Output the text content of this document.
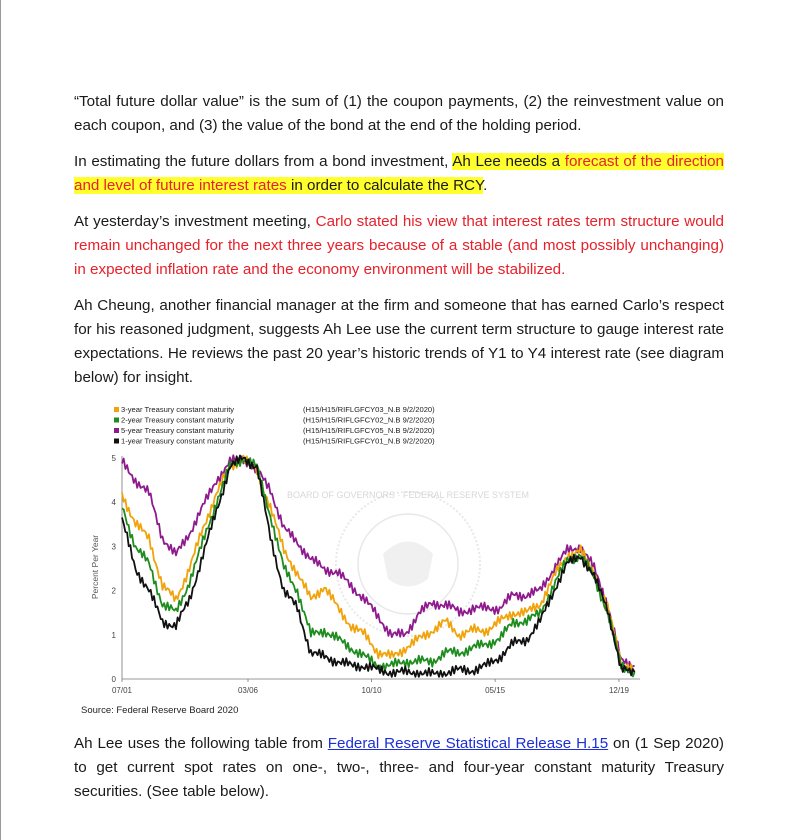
“Total future dollar value” is the sum of (1) the coupon payments, (2) the reinvestment value on each coupon, and (3) the value of the bond at the end of the holding period.

In estimating the future dollars from a bond investment, Ah Lee needs a forecast of the direction and level of future interest rates in order to calculate the RCY.

At yesterday’s investment meeting, Carlo stated his view that interest rates term structure would remain unchanged for the next three years because of a stable (and most possibly unchanging) in expected inflation rate and the economy environment will be stabilized.

Ah Cheung, another financial manager at the firm and someone that has earned Carlo’s respect for his reasoned judgment, suggests Ah Lee use the current term structure to gauge interest rate expectations. He reviews the past 20 year’s historic trends of Y1 to Y4 interest rate (see diagram below) for insight.

BOARD OF GOVERNORS · FEDERAL RESERVE SYSTEM
Percent Per Year
0
1
2
3
4
5
07/01	03/06	10/10	05/15	12/19
3-year Treasury constant maturity	(H15/H15/RIFLGFCY03_N.B 9/2/2020)
2-year Treasury constant maturity	(H15/H15/RIFLGFCY02_N.B 9/2/2020)
5-year Treasury constant maturity	(H15/H15/RIFLGFCY05_N.B 9/2/2020)
1-year Treasury constant maturity	(H15/H15/RIFLGFCY01_N.B 9/2/2020)
Source: Federal Reserve Board 2020

Ah Lee uses the following table from Federal Reserve Statistical Release H.15 on (1 Sep 2020) to get current spot rates on one-, two-, three- and four-year constant maturity Treasury securities. (See table below).
